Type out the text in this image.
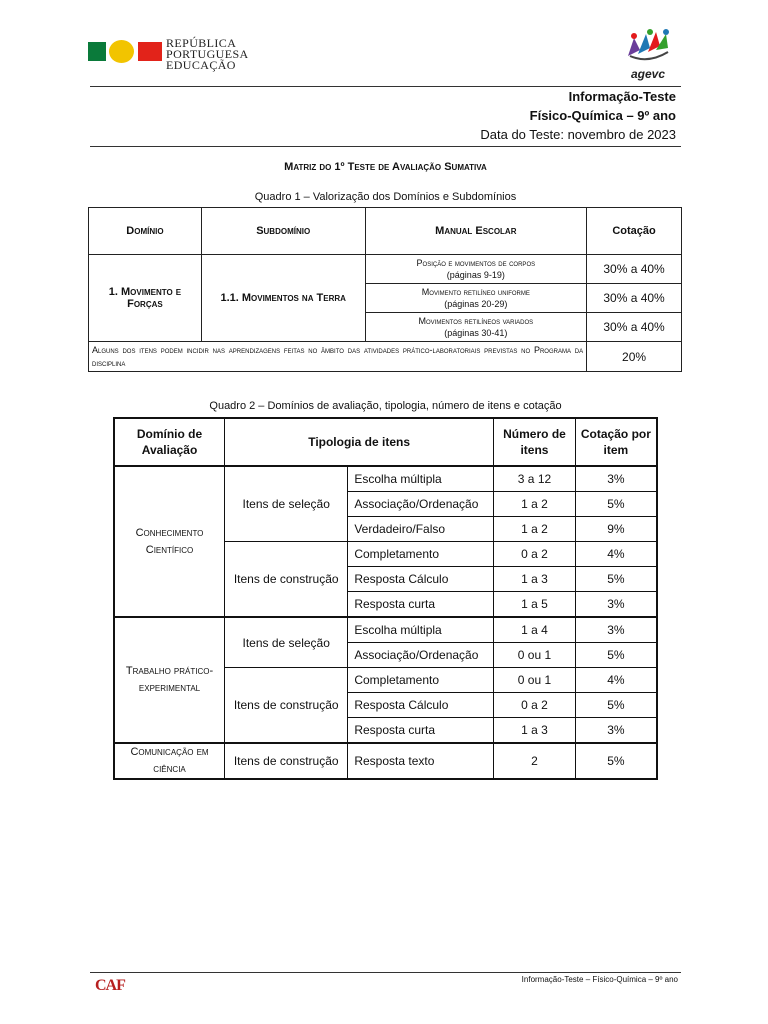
REPÚBLICA
PORTUGUESA
EDUCAÇÃO
agevc
Informação-Teste
Físico-Química – 9º ano
Data do Teste: novembro de 2023
Matriz do 1º Teste de Avaliação Sumativa
Quadro 1 – Valorização dos Domínios e Subdomínios
Domínio	Subdomínio	Manual Escolar	Cotação
1. Movimento e Forças	1.1. Movimentos na Terra	Posição e movimentos de corpos
(páginas 9-19)	30% a 40%

		Movimento retilíneo uniforme
(páginas 20-29)	30% a 40%

		Movimentos retilíneos variados
(páginas 30-41)	30% a 40%
Alguns dos itens podem incidir nas aprendizagens feitas no âmbito das atividades prático-laboratoriais previstas no Programa da disciplina			20%
Quadro 2 – Domínios de avaliação, tipologia, número de itens e cotação
Domínio de Avaliação	Tipologia de itens		Número de itens	Cotação por item
Conhecimento Científico	Itens de seleção	Escolha múltipla	3 a 12	3%
		Associação/Ordenação	1 a 2	5%
		Verdadeiro/Falso	1 a 2	9%
	Itens de construção	Completamento	0 a 2	4%
		Resposta Cálculo	1 a 3	5%
		Resposta curta	1 a 5	3%
Trabalho prático-experimental	Itens de seleção	Escolha múltipla	1 a 4	3%
		Associação/Ordenação	0 ou 1	5%
	Itens de construção	Completamento	0 ou 1	4%
		Resposta Cálculo	0 a 2	5%
		Resposta curta	1 a 3	3%
Comunicação em ciência	Itens de construção	Resposta texto	2	5%
CAF	Informação-Teste – Físico-Química – 9º ano
